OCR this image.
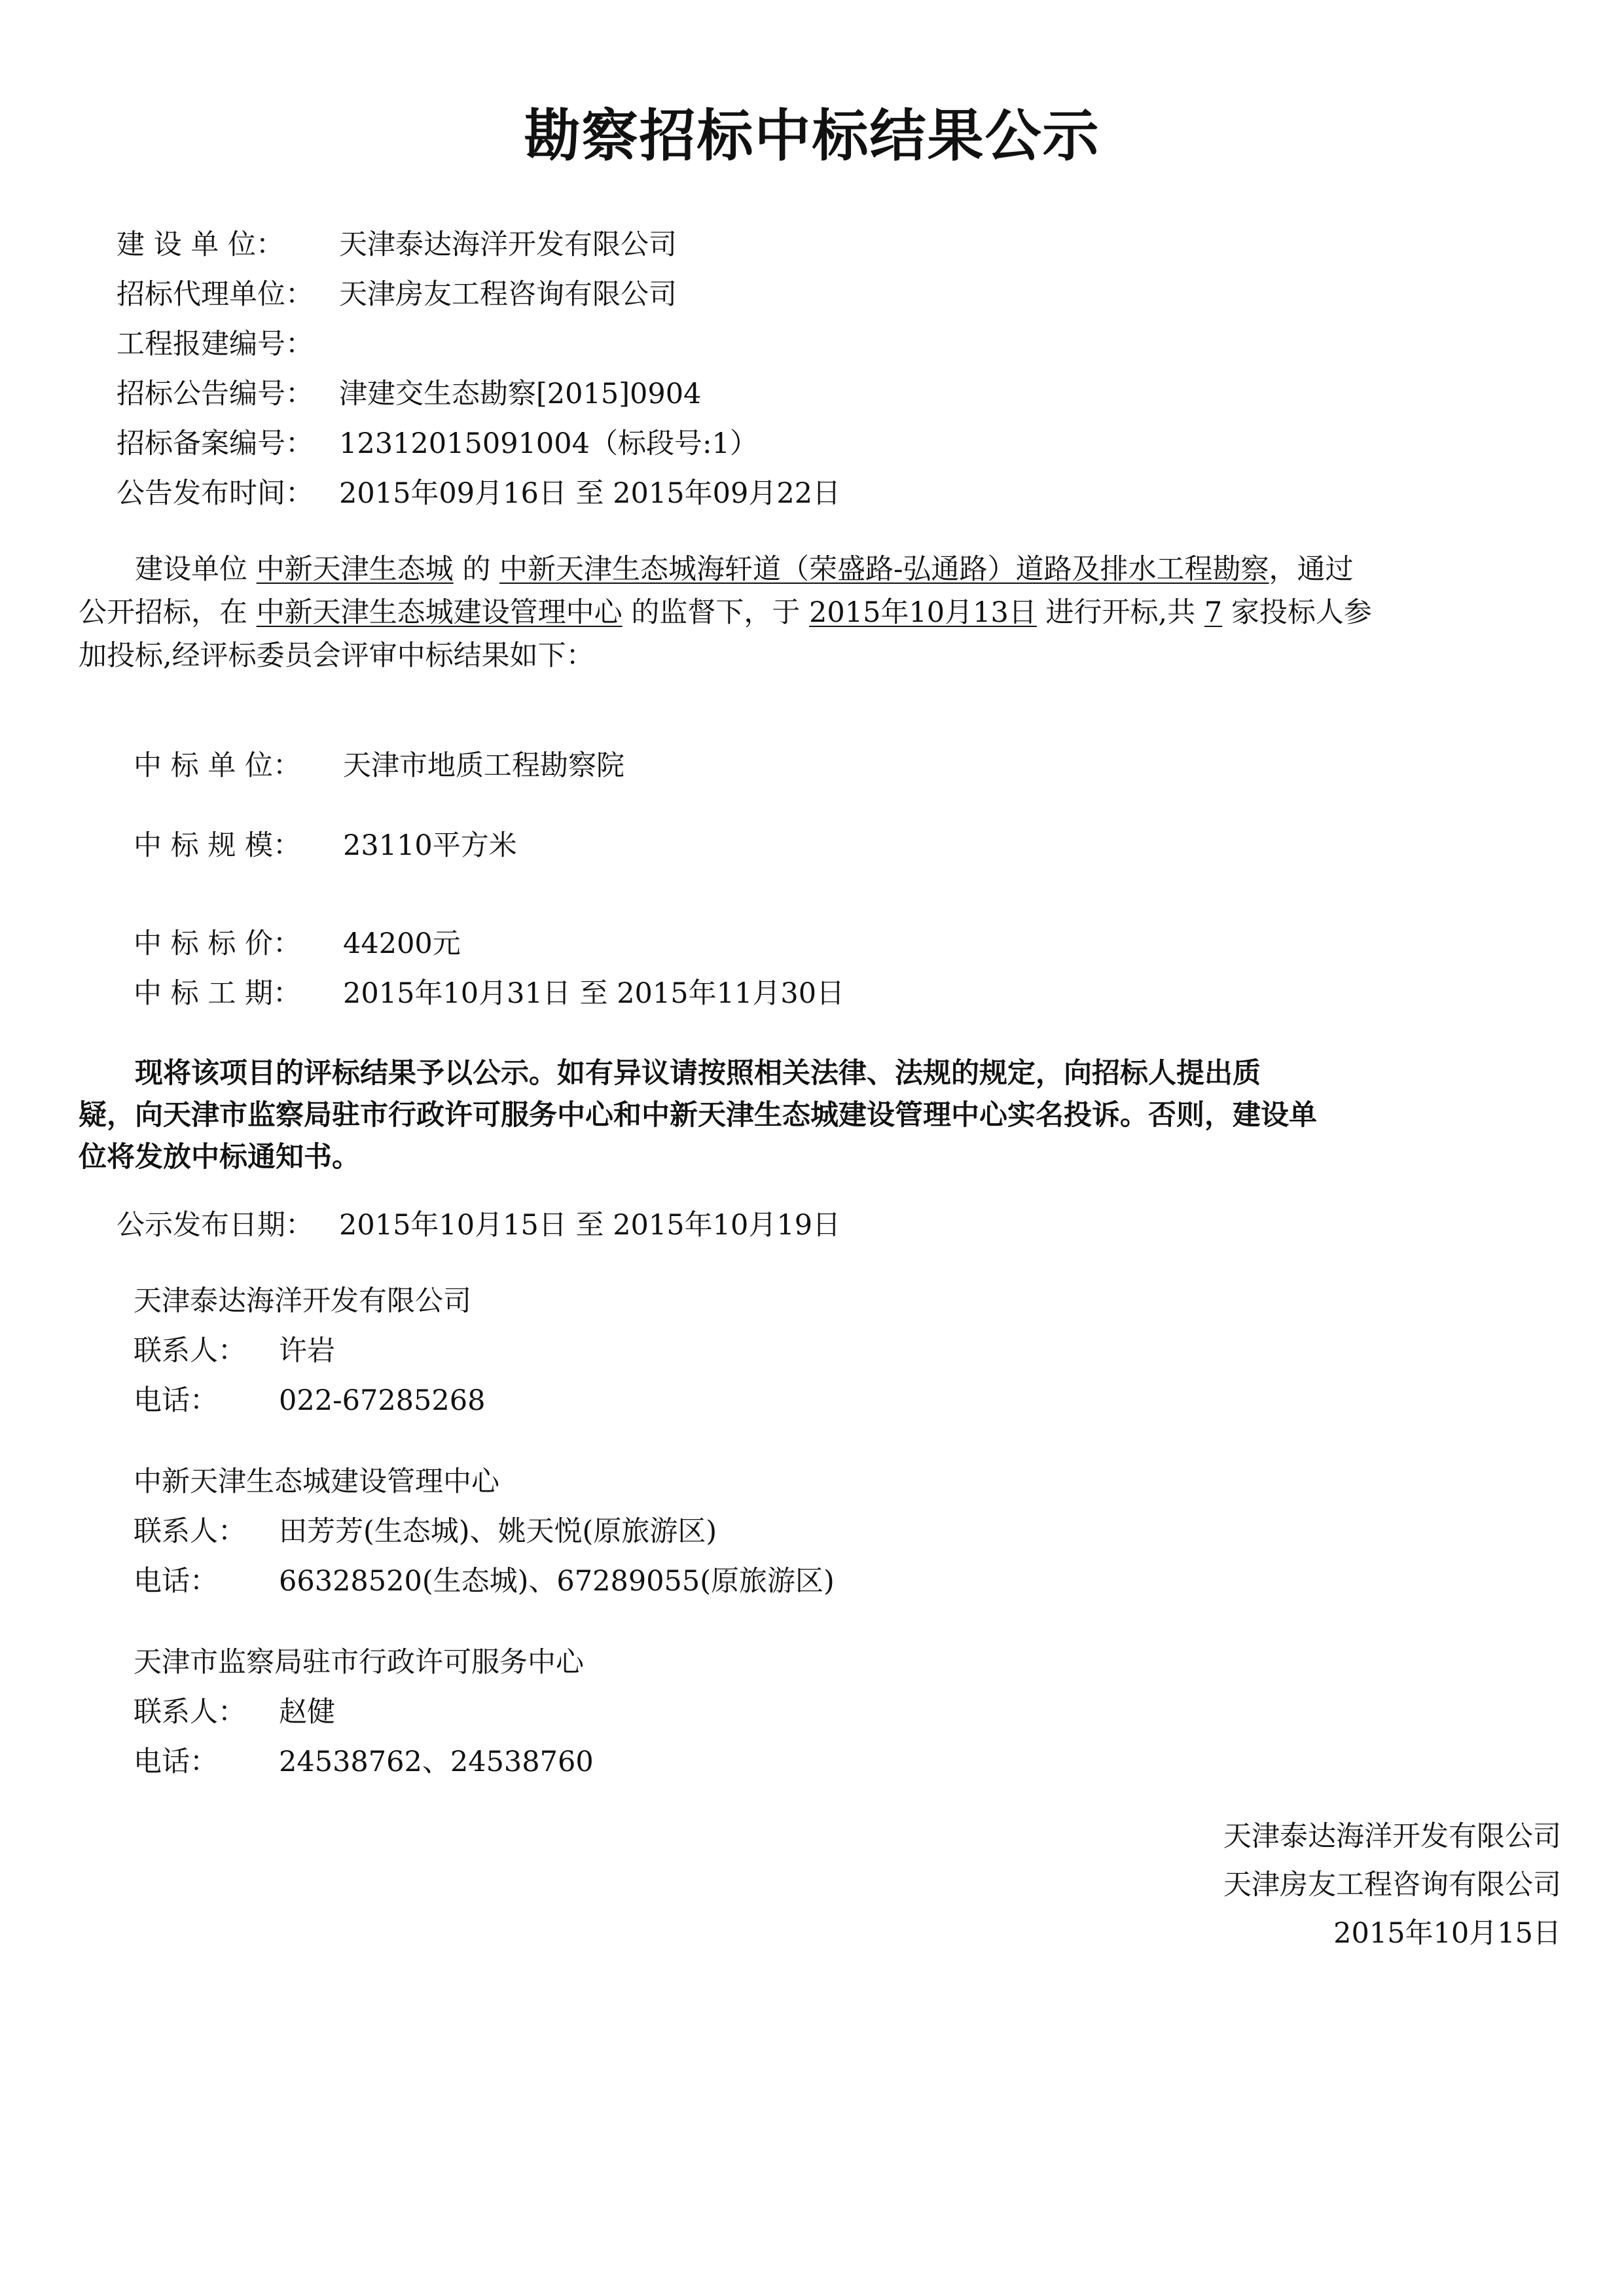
勘察招标中标结果公示
建 设 单 位： 天津泰达海洋开发有限公司
招标代理单位： 天津房友工程咨询有限公司
工程报建编号：
招标公告编号： 津建交生态勘察[2015]0904
招标备案编号： 12312015091004（标段号:1）
公告发布时间： 2015年09月16日 至 2015年09月22日
建设单位 中新天津生态城 的 中新天津生态城海轩道（荣盛路-弘通路）道路及排水工程勘察，通过
公开招标，在 中新天津生态城建设管理中心 的监督下，于 2015年10月13日 进行开标,共 7 家投标人参
加投标,经评标委员会评审中标结果如下：
中 标 单 位： 天津市地质工程勘察院
中 标 规 模： 23110平方米
中 标 标 价： 44200元
中 标 工 期： 2015年10月31日 至 2015年11月30日
现将该项目的评标结果予以公示。如有异议请按照相关法律、法规的规定，向招标人提出质
疑，向天津市监察局驻市行政许可服务中心和中新天津生态城建设管理中心实名投诉。否则，建设单
位将发放中标通知书。
公示发布日期： 2015年10月15日 至 2015年10月19日
天津泰达海洋开发有限公司
联系人： 许岩
电话： 022-67285268
中新天津生态城建设管理中心
联系人： 田芳芳(生态城)、姚天悦(原旅游区)
电话： 66328520(生态城)、67289055(原旅游区)
天津市监察局驻市行政许可服务中心
联系人： 赵健
电话： 24538762、24538760
天津泰达海洋开发有限公司
天津房友工程咨询有限公司
2015年10月15日
